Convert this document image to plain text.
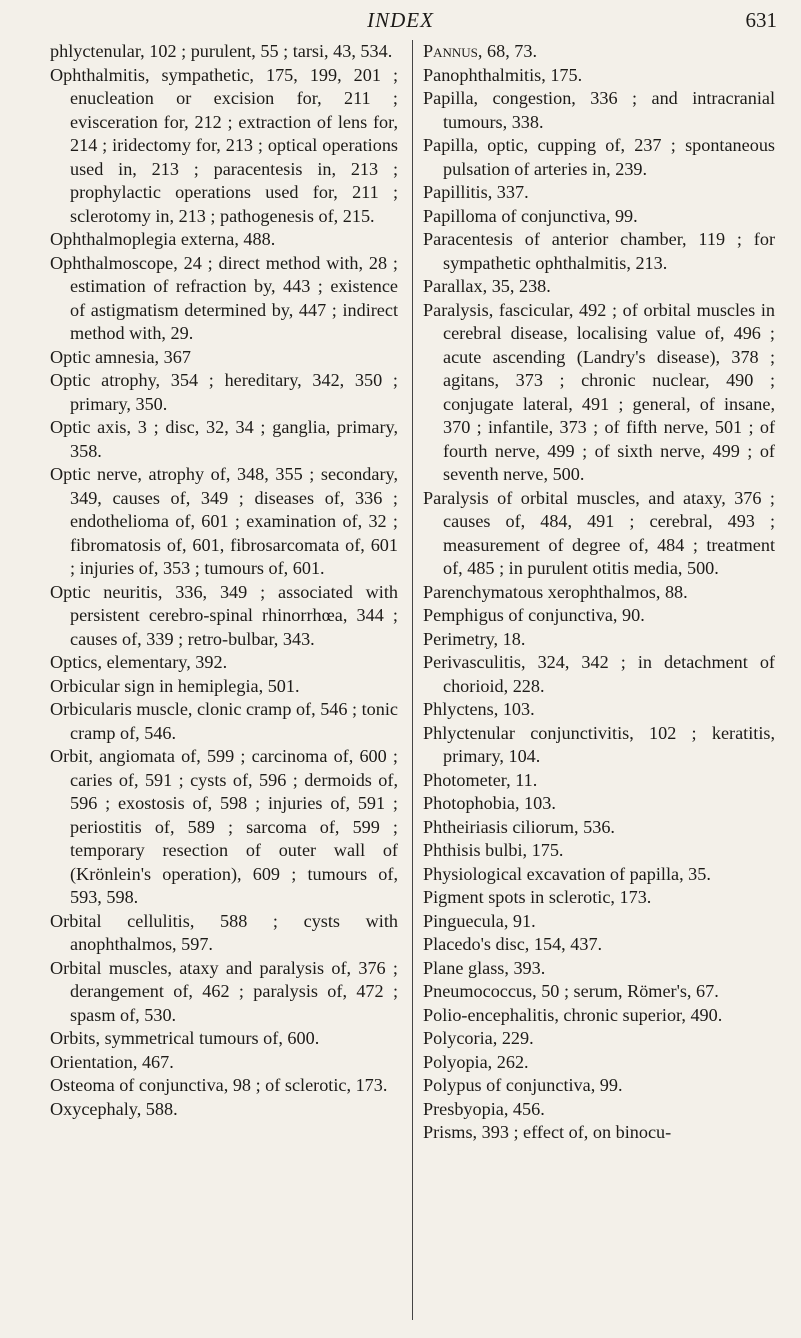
INDEX	631

phlyctenular, 102 ; purulent, 55 ; tarsi, 43, 534.

Ophthalmitis, sympathetic, 175, 199, 201 ; enucleation or excision for, 211 ; evisceration for, 212 ; extraction of lens for, 214 ; iridectomy for, 213 ; optical operations used in, 213 ; paracentesis in, 213 ; prophylactic operations used for, 211 ; sclerotomy in, 213 ; pathogenesis of, 215.

Ophthalmoplegia externa, 488.

Ophthalmoscope, 24 ; direct method with, 28 ; estimation of refraction by, 443 ; existence of astigmatism determined by, 447 ; indirect method with, 29.

Optic amnesia, 367

Optic atrophy, 354 ; hereditary, 342, 350 ; primary, 350.

Optic axis, 3 ; disc, 32, 34 ; ganglia, primary, 358.

Optic nerve, atrophy of, 348, 355 ; secondary, 349, causes of, 349 ; diseases of, 336 ; endothelioma of, 601 ; examination of, 32 ; fibromatosis of, 601, fibrosarcomata of, 601 ; injuries of, 353 ; tumours of, 601.

Optic neuritis, 336, 349 ; associated with persistent cerebro-spinal rhinorrhœa, 344 ; causes of, 339 ; retro-bulbar, 343.

Optics, elementary, 392.

Orbicular sign in hemiplegia, 501.

Orbicularis muscle, clonic cramp of, 546 ; tonic cramp of, 546.

Orbit, angiomata of, 599 ; carcinoma of, 600 ; caries of, 591 ; cysts of, 596 ; dermoids of, 596 ; exostosis of, 598 ; injuries of, 591 ; periostitis of, 589 ; sarcoma of, 599 ; temporary resection of outer wall of (Krönlein's operation), 609 ; tumours of, 593, 598.

Orbital cellulitis, 588 ; cysts with anophthalmos, 597.

Orbital muscles, ataxy and paralysis of, 376 ; derangement of, 462 ; paralysis of, 472 ; spasm of, 530.

Orbits, symmetrical tumours of, 600.

Orientation, 467.

Osteoma of conjunctiva, 98 ; of sclerotic, 173.

Oxycephaly, 588.

Pannus, 68, 73.

Panophthalmitis, 175.

Papilla, congestion, 336 ; and intracranial tumours, 338.

Papilla, optic, cupping of, 237 ; spontaneous pulsation of arteries in, 239.

Papillitis, 337.

Papilloma of conjunctiva, 99.

Paracentesis of anterior chamber, 119 ; for sympathetic ophthalmitis, 213.

Parallax, 35, 238.

Paralysis, fascicular, 492 ; of orbital muscles in cerebral disease, localising value of, 496 ; acute ascending (Landry's disease), 378 ; agitans, 373 ; chronic nuclear, 490 ; conjugate lateral, 491 ; general, of insane, 370 ; infantile, 373 ; of fifth nerve, 501 ; of fourth nerve, 499 ; of sixth nerve, 499 ; of seventh nerve, 500.

Paralysis of orbital muscles, and ataxy, 376 ; causes of, 484, 491 ; cerebral, 493 ; measurement of degree of, 484 ; treatment of, 485 ; in purulent otitis media, 500.

Parenchymatous xerophthalmos, 88.

Pemphigus of conjunctiva, 90.

Perimetry, 18.

Perivasculitis, 324, 342 ; in detachment of chorioid, 228.

Phlyctens, 103.

Phlyctenular conjunctivitis, 102 ; keratitis, primary, 104.

Photometer, 11.

Photophobia, 103.

Phtheiriasis ciliorum, 536.

Phthisis bulbi, 175.

Physiological excavation of papilla, 35.

Pigment spots in sclerotic, 173.

Pinguecula, 91.

Placedo's disc, 154, 437.

Plane glass, 393.

Pneumococcus, 50 ; serum, Römer's, 67.

Polio-encephalitis, chronic superior, 490.

Polycoria, 229.

Polyopia, 262.

Polypus of conjunctiva, 99.

Presbyopia, 456.

Prisms, 393 ; effect of, on binocu-
